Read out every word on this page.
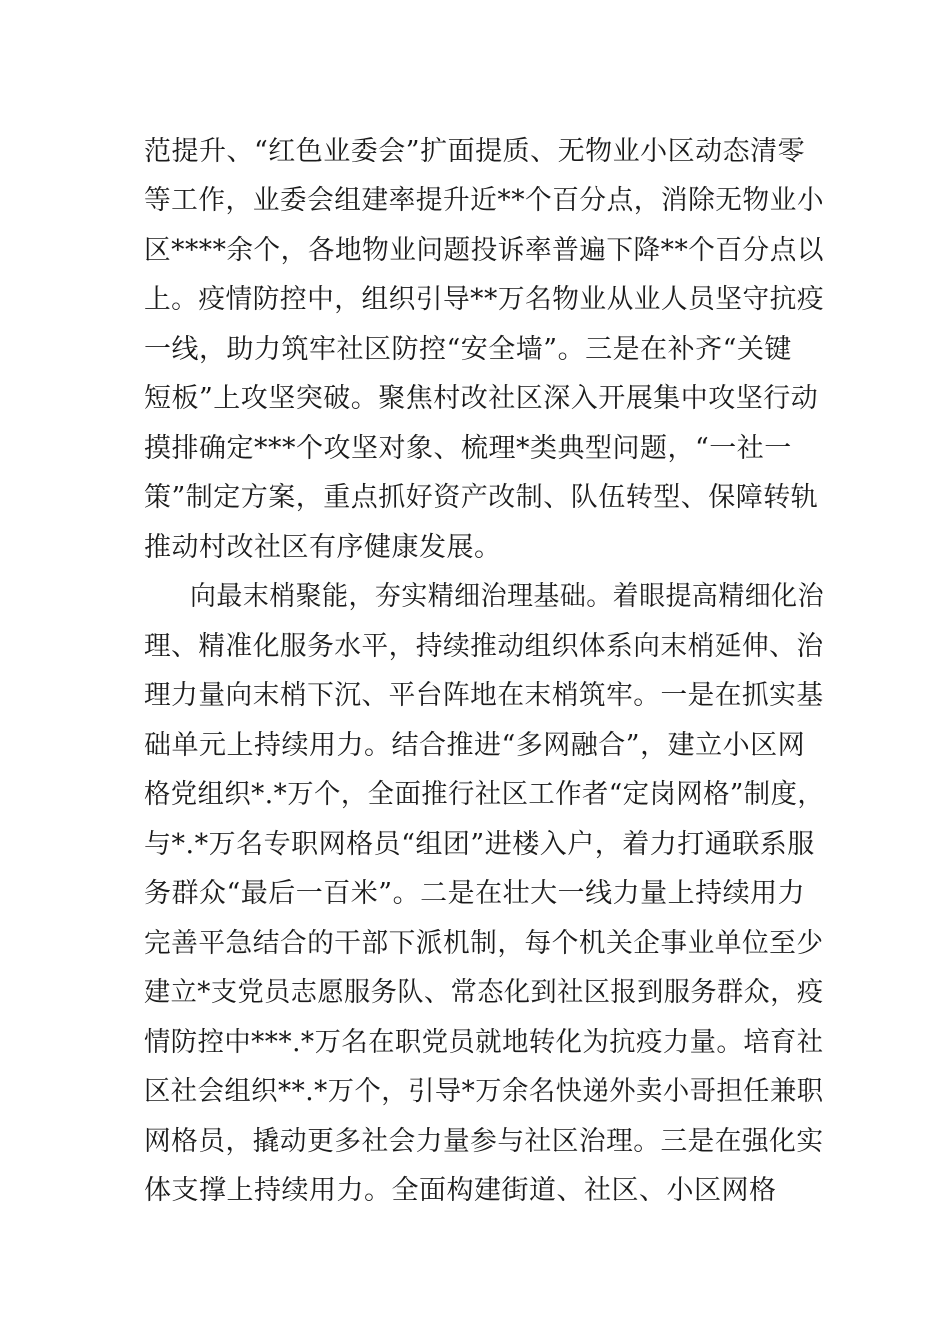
范提升、“红色业委会”扩面提质、无物业小区动态清零
等工作，业委会组建率提升近**个百分点，消除无物业小
区****余个，各地物业问题投诉率普遍下降**个百分点以
上。疫情防控中，组织引导**万名物业从业人员坚守抗疫
一线，助力筑牢社区防控“安全墙”。三是在补齐“关键
短板”上攻坚突破。聚焦村改社区深入开展集中攻坚行动
摸排确定***个攻坚对象、梳理*类典型问题，“一社一
策”制定方案，重点抓好资产改制、队伍转型、保障转轨
推动村改社区有序健康发展。
向最末梢聚能，夯实精细治理基础。着眼提高精细化治
理、精准化服务水平，持续推动组织体系向末梢延伸、治
理力量向末梢下沉、平台阵地在末梢筑牢。一是在抓实基
础单元上持续用力。结合推进“多网融合”，建立小区网
格党组织*.*万个，全面推行社区工作者“定岗网格”制度，
与*.*万名专职网格员“组团”进楼入户，着力打通联系服
务群众“最后一百米”。二是在壮大一线力量上持续用力
完善平急结合的干部下派机制，每个机关企事业单位至少
建立*支党员志愿服务队、常态化到社区报到服务群众，疫
情防控中***.*万名在职党员就地转化为抗疫力量。培育社
区社会组织**.*万个，引导*万余名快递外卖小哥担任兼职
网格员，撬动更多社会力量参与社区治理。三是在强化实
体支撑上持续用力。全面构建街道、社区、小区网格
